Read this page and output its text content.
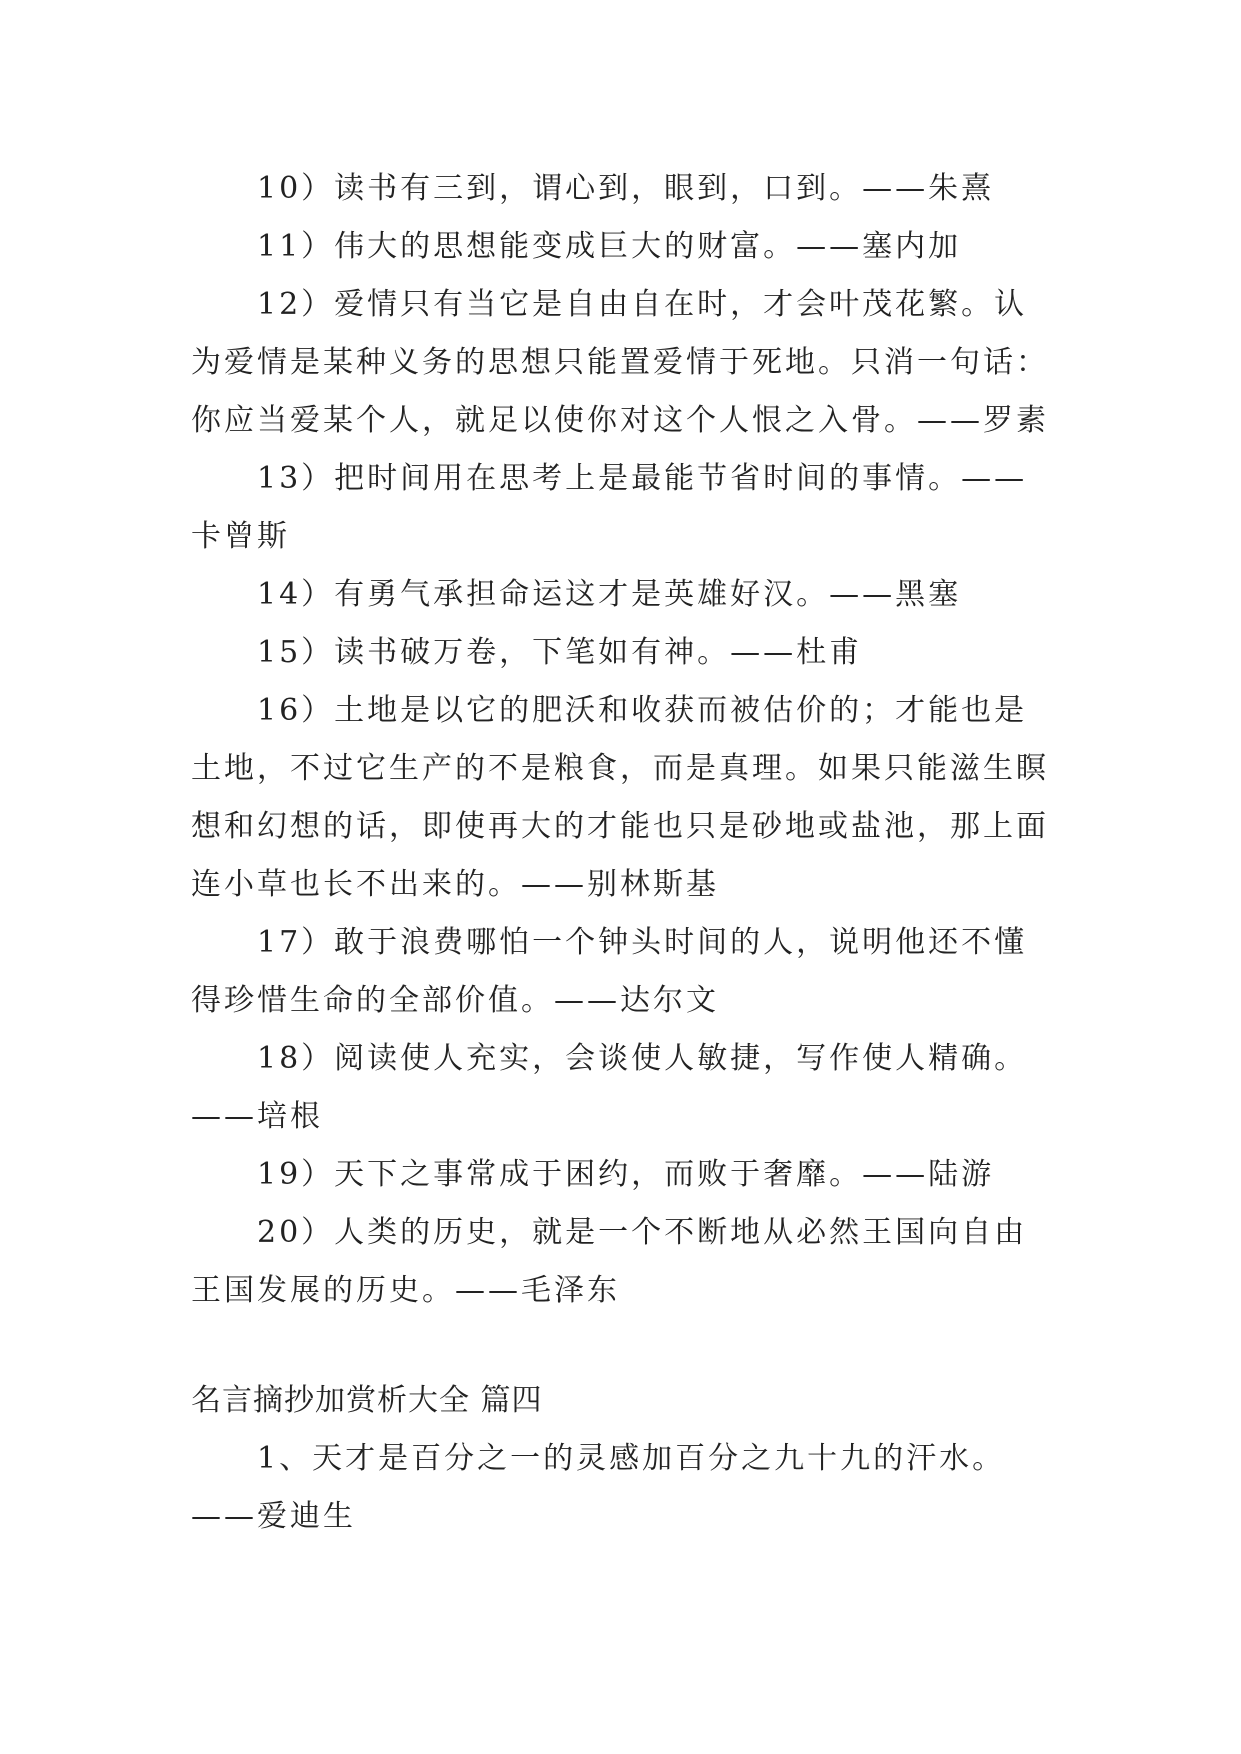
10）读书有三到，谓心到，眼到，口到。——朱熹

11）伟大的思想能变成巨大的财富。——塞内加

12）爱情只有当它是自由自在时，才会叶茂花繁。认为爱情是某种义务的思想只能置爱情于死地。只消一句话：你应当爱某个人，就足以使你对这个人恨之入骨。——罗素

13）把时间用在思考上是最能节省时间的事情。——卡曾斯

14）有勇气承担命运这才是英雄好汉。——黑塞

15）读书破万卷，下笔如有神。——杜甫

16）土地是以它的肥沃和收获而被估价的；才能也是土地，不过它生产的不是粮食，而是真理。如果只能滋生瞑想和幻想的话，即使再大的才能也只是砂地或盐池，那上面连小草也长不出来的。——别林斯基

17）敢于浪费哪怕一个钟头时间的人，说明他还不懂得珍惜生命的全部价值。——达尔文

18）阅读使人充实，会谈使人敏捷，写作使人精确。——培根

19）天下之事常成于困约，而败于奢靡。——陆游

20）人类的历史，就是一个不断地从必然王国向自由王国发展的历史。——毛泽东

名言摘抄加赏析大全 篇四

1、天才是百分之一的灵感加百分之九十九的汗水。——爱迪生
